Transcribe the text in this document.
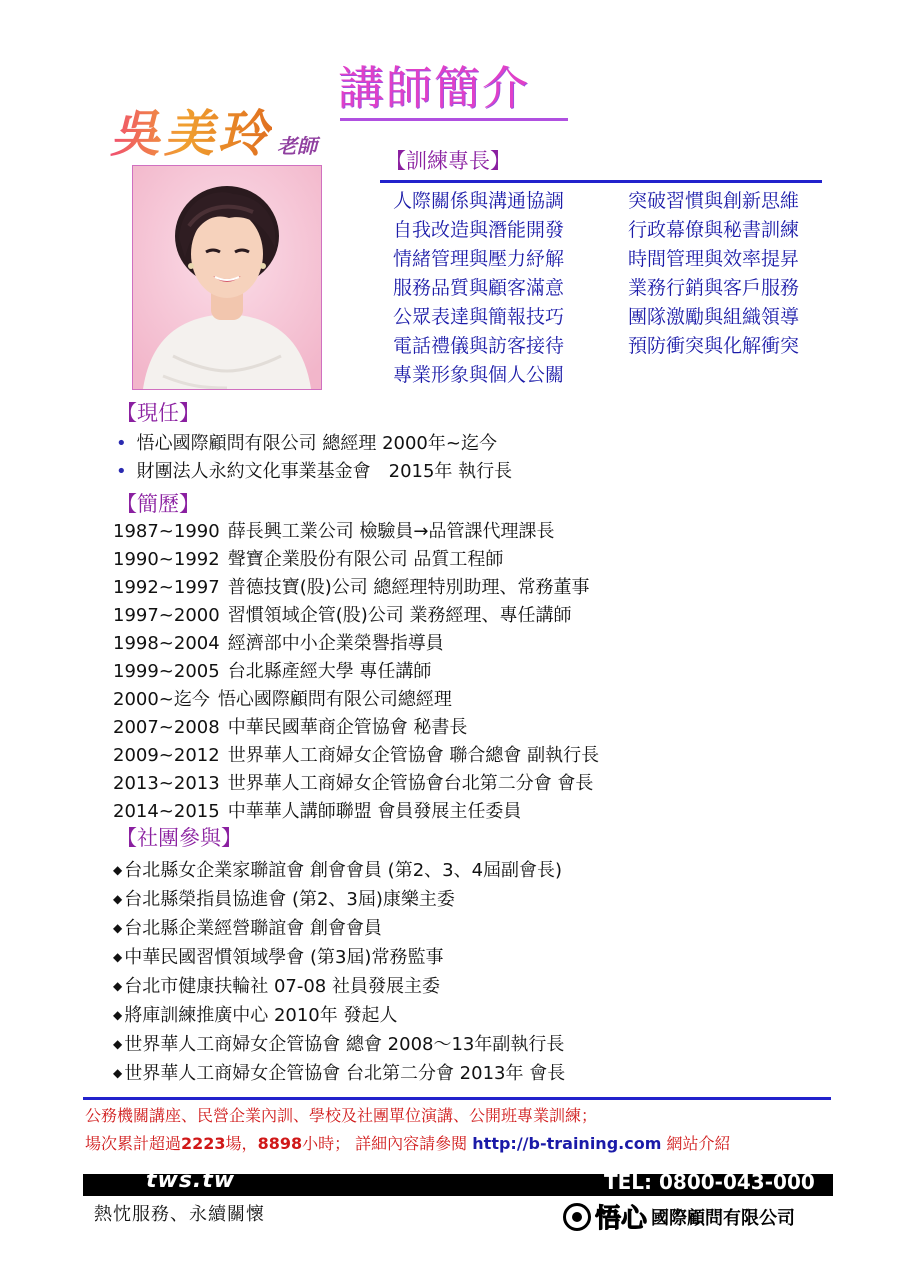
講師簡介
吳美玲 老師
【訓練專長】
人際關係與溝通協調
自我改造與潛能開發
情緒管理與壓力紓解
服務品質與顧客滿意
公眾表達與簡報技巧
電話禮儀與訪客接待
專業形象與個人公關
突破習慣與創新思維
行政幕僚與秘書訓練
時間管理與效率提昇
業務行銷與客戶服務
團隊激勵與組織領導
預防衝突與化解衝突
【現任】
• 悟心國際顧問有限公司 總經理 2000年~迄今
• 財團法人永約文化事業基金會　2015年 執行長
【簡歷】
1987~1990 薛長興工業公司 檢驗員→品管課代理課長
1990~1992 聲寶企業股份有限公司 品質工程師
1992~1997 普德技寶(股)公司 總經理特別助理、常務董事
1997~2000 習慣領域企管(股)公司 業務經理、專任講師
1998~2004 經濟部中小企業榮譽指導員
1999~2005 台北縣產經大學 專任講師
2000~迄今 悟心國際顧問有限公司總經理
2007~2008 中華民國華商企管協會 秘書長
2009~2012 世界華人工商婦女企管協會 聯合總會 副執行長
2013~2013 世界華人工商婦女企管協會台北第二分會 會長
2014~2015 中華華人講師聯盟 會員發展主任委員
【社團參與】
◆ 台北縣女企業家聯誼會 創會會員 (第2、3、4屆副會長)
◆ 台北縣榮指員協進會 (第2、3屆)康樂主委
◆ 台北縣企業經營聯誼會 創會會員
◆ 中華民國習慣領域學會 (第3屆)常務監事
◆ 台北市健康扶輪社 07-08 社員發展主委
◆ 將庫訓練推廣中心 2010年 發起人
◆ 世界華人工商婦女企管協會 總會 2008～13年副執行長
◆ 世界華人工商婦女企管協會 台北第二分會 2013年 會長
公務機關講座、民營企業內訓、學校及社團單位演講、公開班專業訓練；
場次累計超過2223場，8898小時； 詳細內容請參閱 http://b-training.com 網站介紹
tws.tw	TEL: 0800-043-000
熱忱服務、永續關懷	悟心 國際顧問有限公司
